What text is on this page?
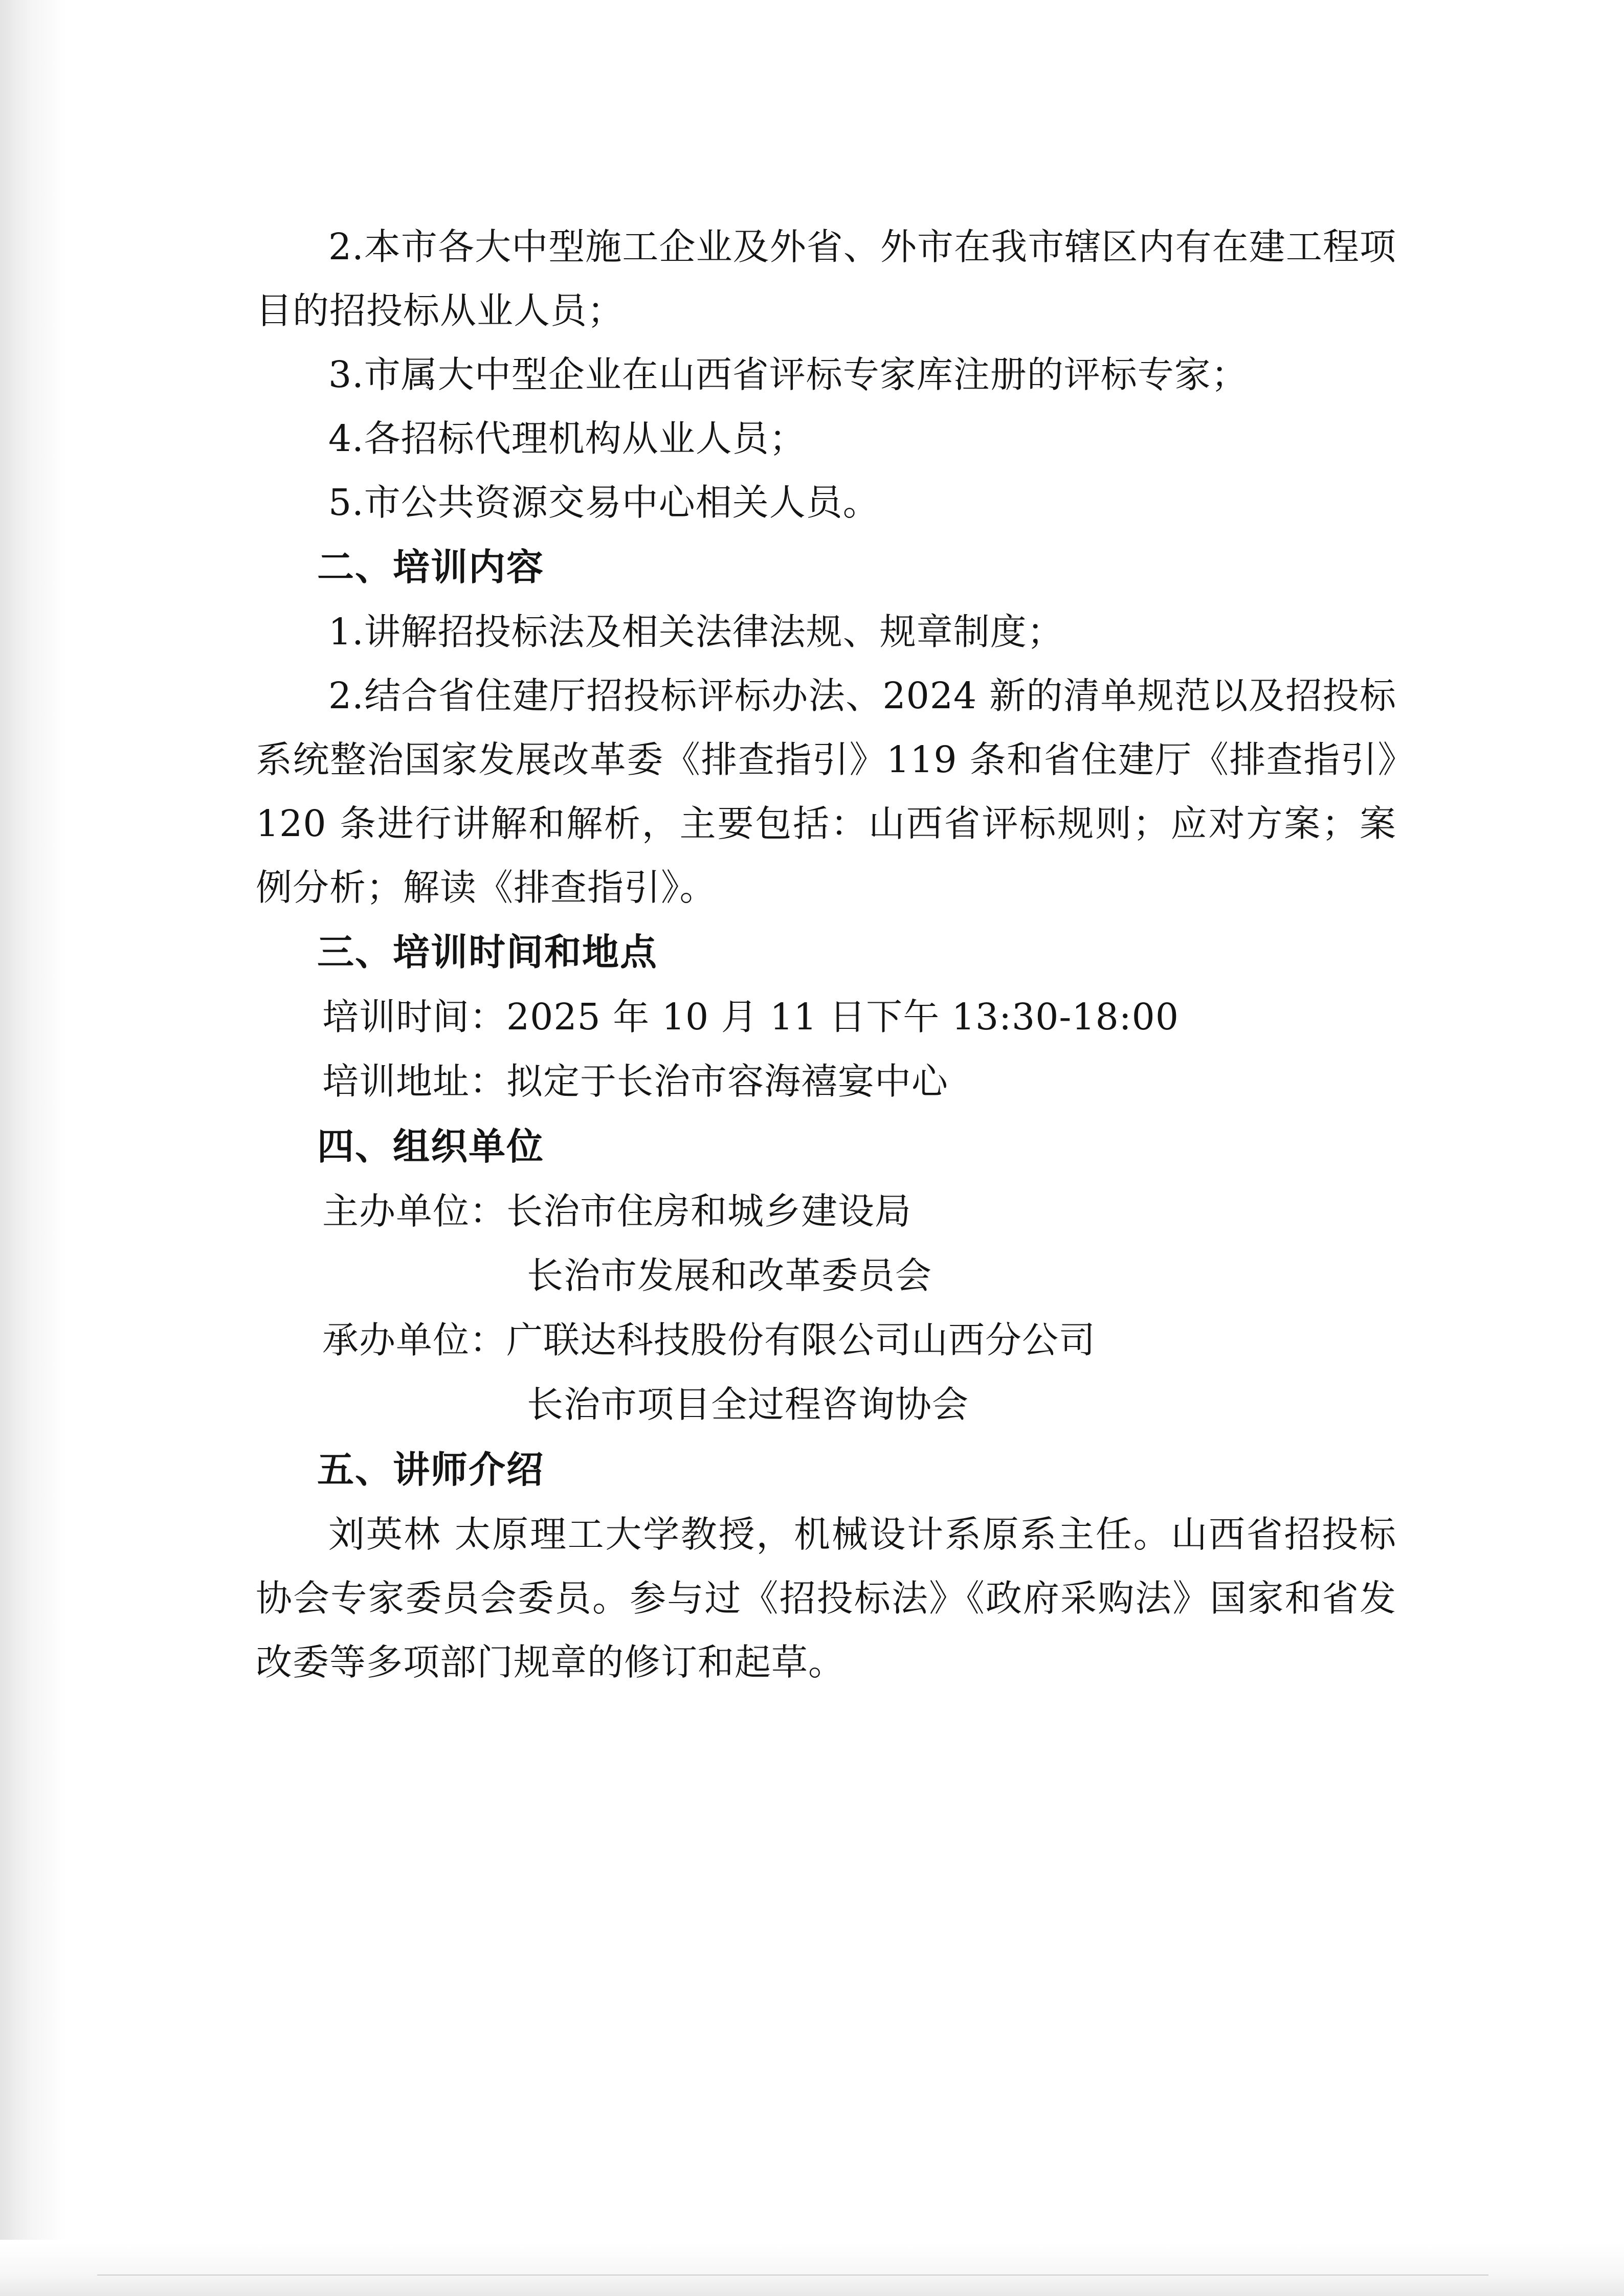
2.本市各大中型施工企业及外省、外市在我市辖区内有在建工程项目的招投标从业人员；

3.市属大中型企业在山西省评标专家库注册的评标专家；

4.各招标代理机构从业人员；

5.市公共资源交易中心相关人员。

二、培训内容

1.讲解招投标法及相关法律法规、规章制度；

2.结合省住建厅招投标评标办法、2024 新的清单规范以及招投标系统整治国家发展改革委《排查指引》119 条和省住建厅《排查指引》120 条进行讲解和解析，主要包括：山西省评标规则；应对方案；案例分析；解读《排查指引》。

三、培训时间和地点

培训时间：2025 年 10 月 11 日下午 13:30-18:00

培训地址：拟定于长治市容海禧宴中心

四、组织单位

主办单位：长治市住房和城乡建设局

长治市发展和改革委员会

承办单位：广联达科技股份有限公司山西分公司

长治市项目全过程咨询协会

五、讲师介绍

刘英林 太原理工大学教授，机械设计系原系主任。山西省招投标协会专家委员会委员。参与过《招投标法》《政府采购法》国家和省发改委等多项部门规章的修订和起草。
